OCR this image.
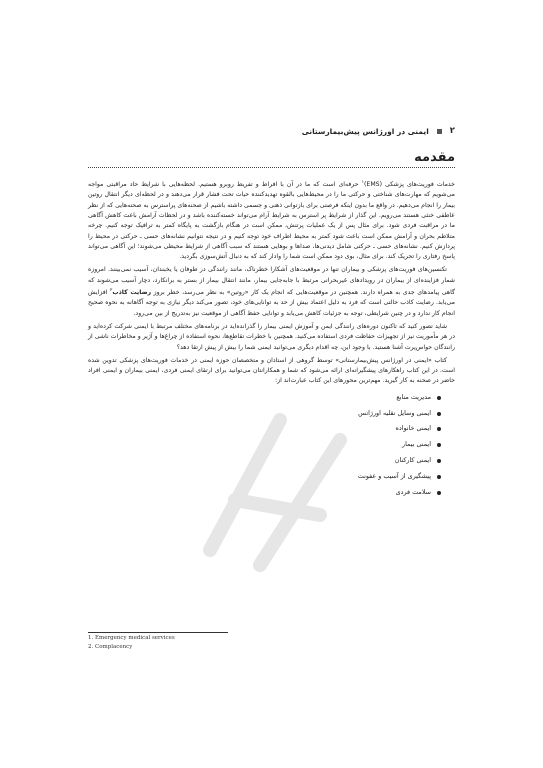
۲
ایمنی در اورژانس پیش‌بیمارستانی
مقدمه

خدمات فوریت‌های پزشکی (EMS)$^۱$ حرفه‌ای است که ما در آن با افراط و تفریط روبرو هستیم. لحظه‌هایی با شرایط حاد مراقبتی مواجه می‌شویم که مهارت‌های شناختی و حرکتی ما را در محیط‌هایی بالقوه تهدیدکننده حیات تحت فشار قرار می‌دهند و در لحظه‌ای دیگر انتقال روتین بیمار را انجام می‌دهیم. در واقع ما بدون اینکه فرصتی برای بازتوانی ذهنی و جسمی داشته باشیم از صحنه‌های پراسترس به صحنه‌هایی که از نظر عاطفی خنثی هستند می‌رویم. این گذار از شرایط پر استرس به شرایط آرام می‌تواند خسته‌کننده باشد و در لحظات آرامش باعث کاهش آگاهی ما در مراقبت فردی شود. برای مثال پس از یک عملیات پرتنش، ممکن است در هنگام بازگشت به پایگاه کمتر به ترافیک توجه کنیم. چرخه متلاطم بحران و آرامش ممکن است باعث شود کمتر به محیط اطراف خود توجه کنیم و در نتیجه نتوانیم نشانه‌های حسی ـ حرکتی در محیط را پردازش کنیم. نشانه‌های حسی ـ حرکتی شامل دیدنی‌ها، صداها و بوهایی هستند که سبب آگاهی از شرایط محیطی می‌شوند؛ این آگاهی می‌تواند پاسخ رفتاری را تحریک کند. برای مثال، بوی دود ممکن است شما را وادار کند که به دنبال آتش‌سوزی بگردید.

تکنسین‌های فوریت‌های پزشکی و بیماران تنها در موقعیت‌های آشکارا خطرناک، مانند رانندگی در طوفان یا یخبندان، آسیب نمی‌بینند. امروزه شمار فزاینده‌ای از بیماران در رویدادهای غیربحرانی مرتبط با جابه‌جایی بیمار، مانند انتقال بیمار از بستر به برانکارد، دچار آسیب می‌شوند که گاهی پیامدهای جدی به همراه دارند. همچنین در موقعیت‌هایی که انجام یک کار «روتین» به نظر می‌رسد، خطر بروز رضایت کاذب$^۲$ افزایش می‌یابد. رضایت کاذب حالتی است که فرد به دلیل اعتماد بیش از حد به توانایی‌های خود، تصور می‌کند دیگر نیازی به توجه آگاهانه به نحوه صحیح انجام کار ندارد و در چنین شرایطی، توجه به جزئیات کاهش می‌یابد و توانایی حفظ آگاهی از موقعیت نیز به‌تدریج از بین می‌رود.

شاید تصور کنید که تاکنون دوره‌های رانندگی ایمن و آموزش ایمنی بیمار را گذرانده‌اید در برنامه‌های مختلف مرتبط با ایمنی شرکت کرده‌اید و در هر مأموریت نیز از تجهیزات حفاظت فردی استفاده می‌کنید. همچنین با خطرات تقاطع‌ها، نحوه استفاده از چراغ‌ها و آژیر و مخاطرات ناشی از رانندگان حواس‌پرت آشنا هستید. با وجود این، چه اقدام دیگری می‌توانید ایمنی شما را بیش از پیش ارتقا دهد؟

کتاب «ایمنی در اورژانس پیش‌بیمارستانی» توسط گروهی از استادان و متخصصان حوزه ایمنی در خدمات فوریت‌های پزشکی تدوین شده است. در این کتاب راهکارهای پیشگیرانه‌ای ارائه می‌شود که شما و همکارانتان می‌توانید برای ارتقای ایمنی فردی، ایمنی بیماران و ایمنی افراد حاضر در صحنه به کار گیرید. مهم‌ترین محورهای این کتاب عبارت‌اند از:

مدیریت منابع
ایمنی وسایل نقلیه اورژانس
ایمنی خانواده
ایمنی بیمار
ایمنی کارکنان
پیشگیری از آسیب و عفونت
سلامت فردی
1. Emergency medical services
2. Complacency
